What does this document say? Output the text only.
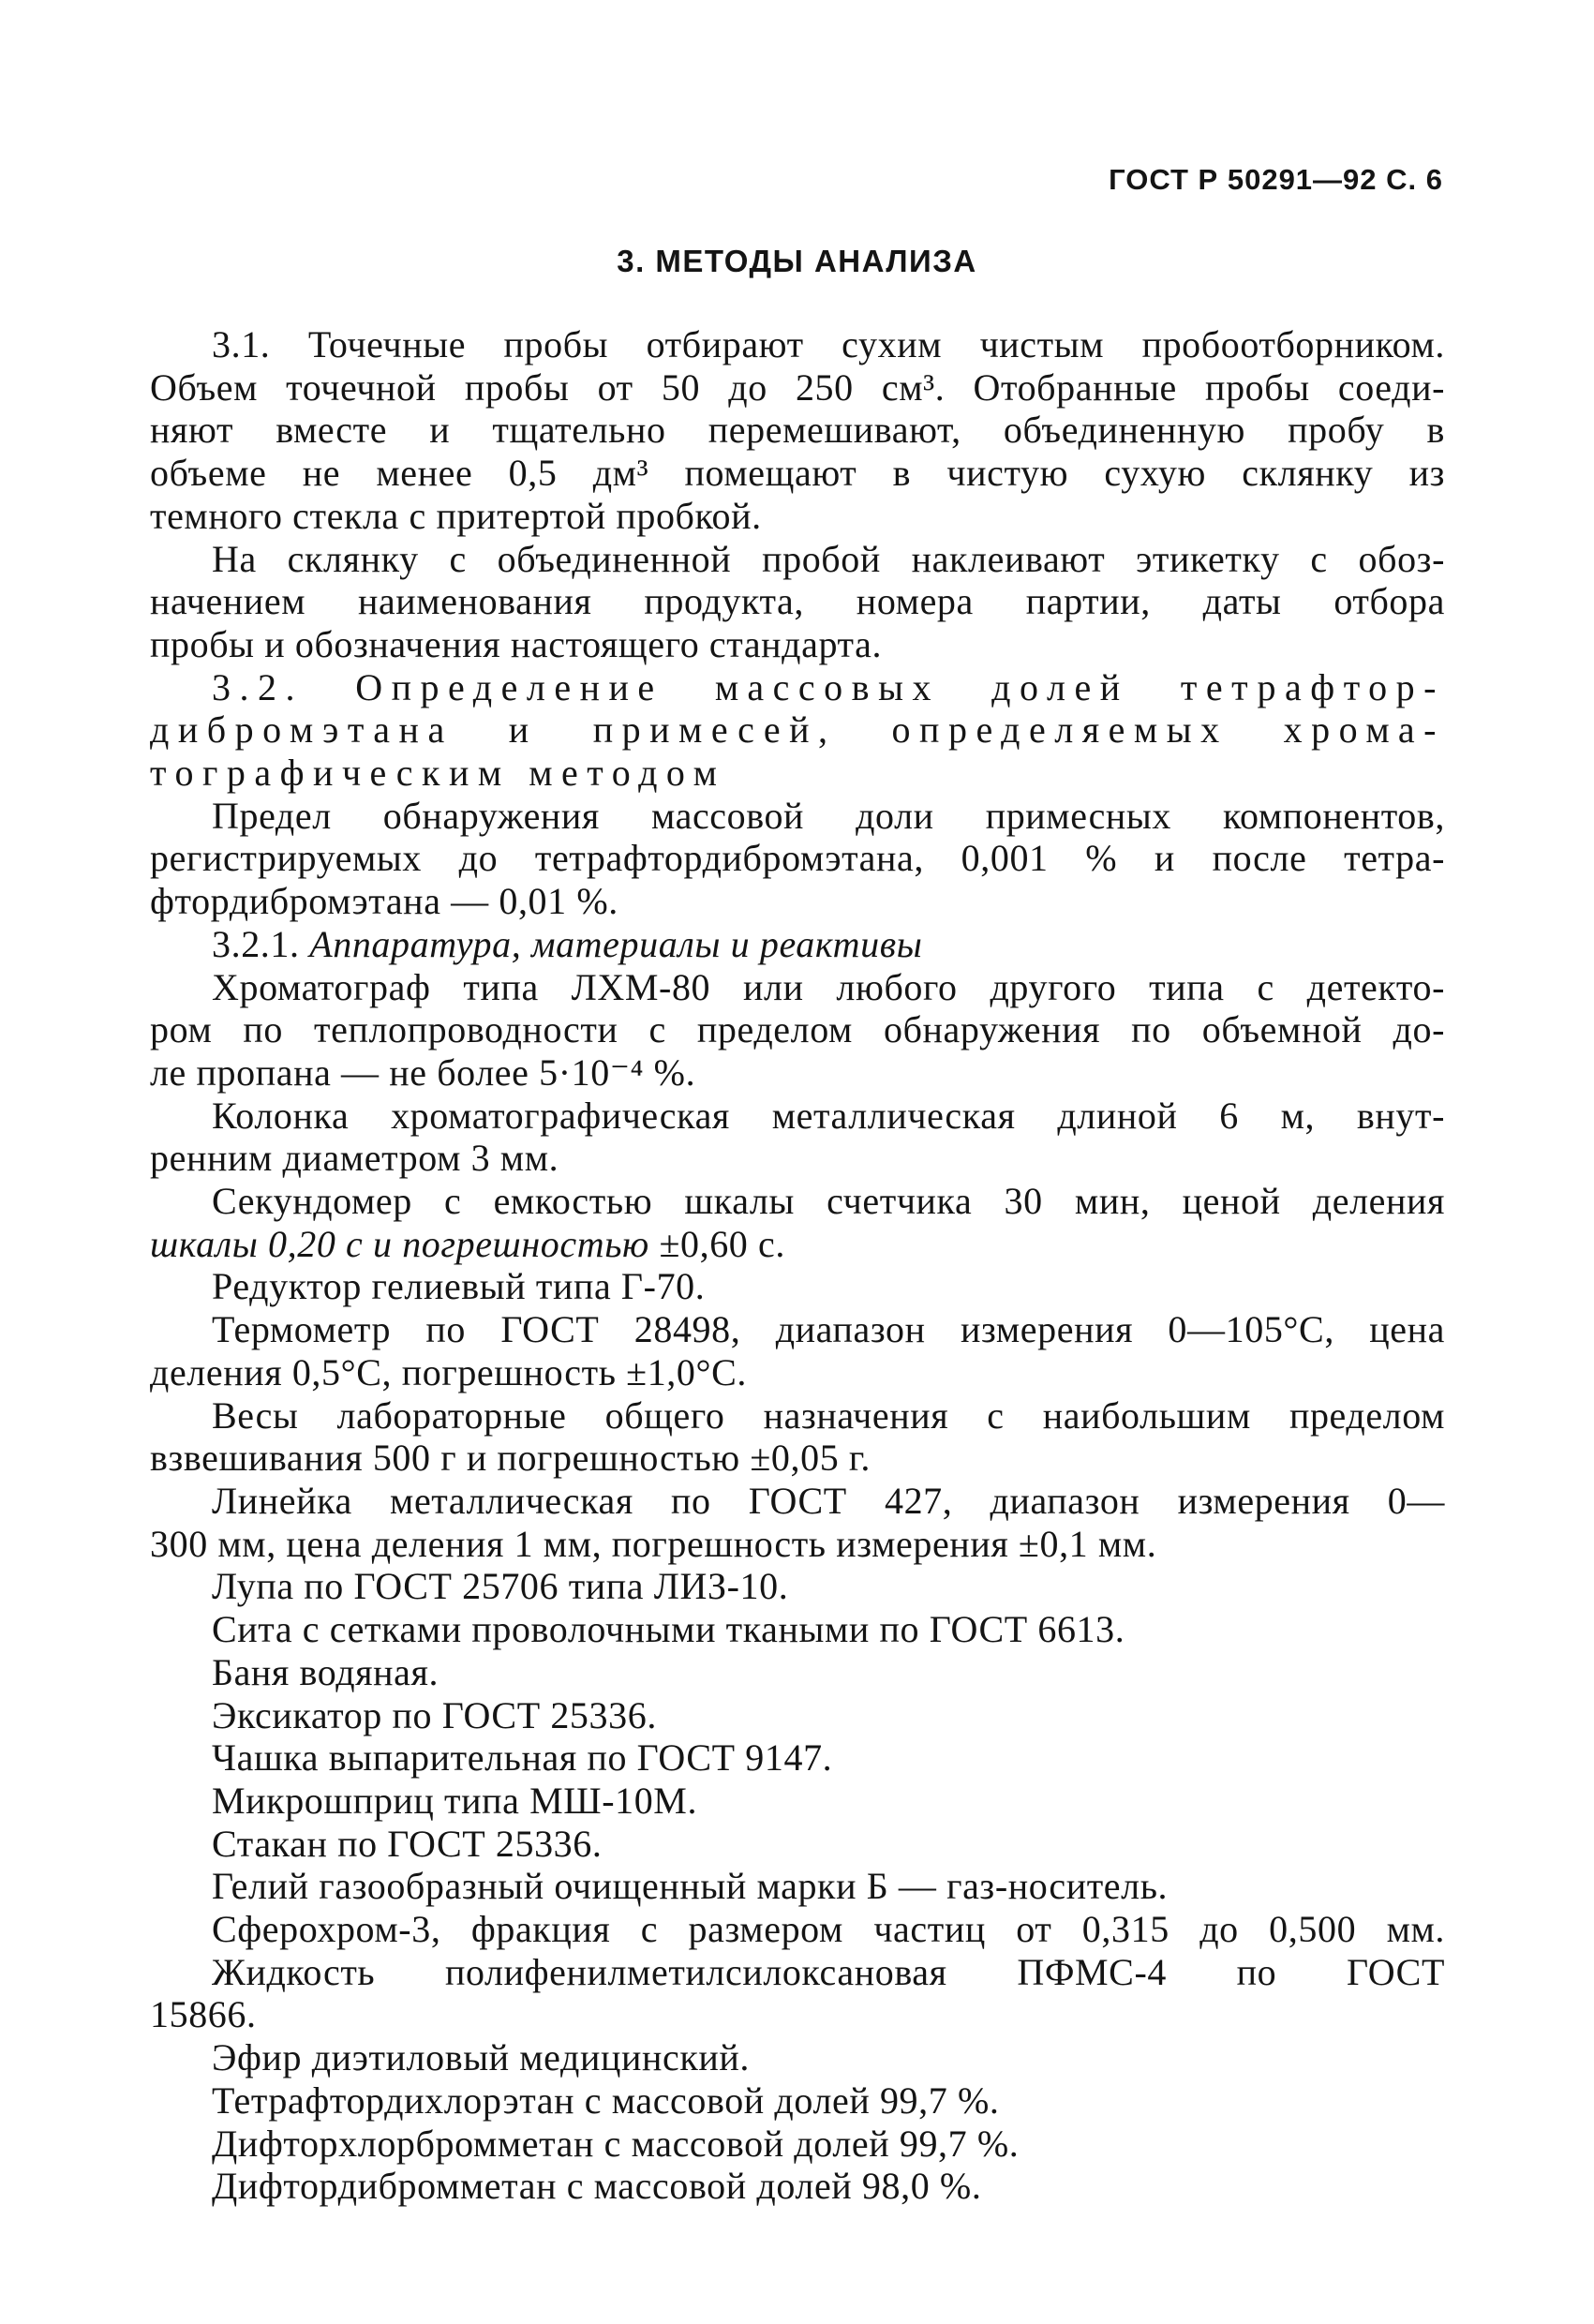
ГОСТ Р 50291—92 С. 6
3. МЕТОДЫ АНАЛИЗА

3.1. Точечные пробы отбирают сухим чистым пробоотборником.

Объем точечной пробы от 50 до 250 см³. Отобранные пробы соеди-

няют вместе и тщательно перемешивают, объединенную пробу в

объеме не менее 0,5 дм³ помещают в чистую сухую склянку из

темного стекла с притертой пробкой.

На склянку с объединенной пробой наклеивают этикетку с обоз-

начением наименования продукта, номера партии, даты отбора

пробы и обозначения настоящего стандарта.

3.2. Определение массовых долей тетрафтор-

дибромэтана и примесей, определяемых хрома-

тографическим методом

Предел обнаружения массовой доли примесных компонентов,

регистрируемых до тетрафтордибромэтана, 0,001 % и после тетра-

фтордибромэтана — 0,01 %.

3.2.1. Аппаратура, материалы и реактивы

Хроматограф типа ЛХМ-80 или любого другого типа с детекто-

ром по теплопроводности с пределом обнаружения по объемной до-

ле пропана — не более 5·10⁻⁴ %.

Колонка хроматографическая металлическая длиной 6 м, внут-

ренним диаметром 3 мм.

Секундомер с емкостью шкалы счетчика 30 мин, ценой деления

шкалы 0,20 с и погрешностью ±0,60 с.

Редуктор гелиевый типа Г-70.

Термометр по ГОСТ 28498, диапазон измерения 0—105°С, цена

деления 0,5°С, погрешность ±1,0°С.

Весы лабораторные общего назначения с наибольшим пределом

взвешивания 500 г и погрешностью ±0,05 г.

Линейка металлическая по ГОСТ 427, диапазон измерения 0—

300 мм, цена деления 1 мм, погрешность измерения ±0,1 мм.

Лупа по ГОСТ 25706 типа ЛИЗ-10.

Сита с сетками проволочными ткаными по ГОСТ 6613.

Баня водяная.

Эксикатор по ГОСТ 25336.

Чашка выпарительная по ГОСТ 9147.

Микрошприц типа МШ-10М.

Стакан по ГОСТ 25336.

Гелий газообразный очищенный марки Б — газ-носитель.

Сферохром-3, фракция с размером частиц от 0,315 до 0,500 мм.

Жидкость полифенилметилсилоксановая ПФМС-4 по ГОСТ

15866.

Эфир диэтиловый медицинский.

Тетрафтордихлорэтан с массовой долей 99,7 %.

Дифторхлорбромметан с массовой долей 99,7 %.

Дифтордибромметан с массовой долей 98,0 %.
